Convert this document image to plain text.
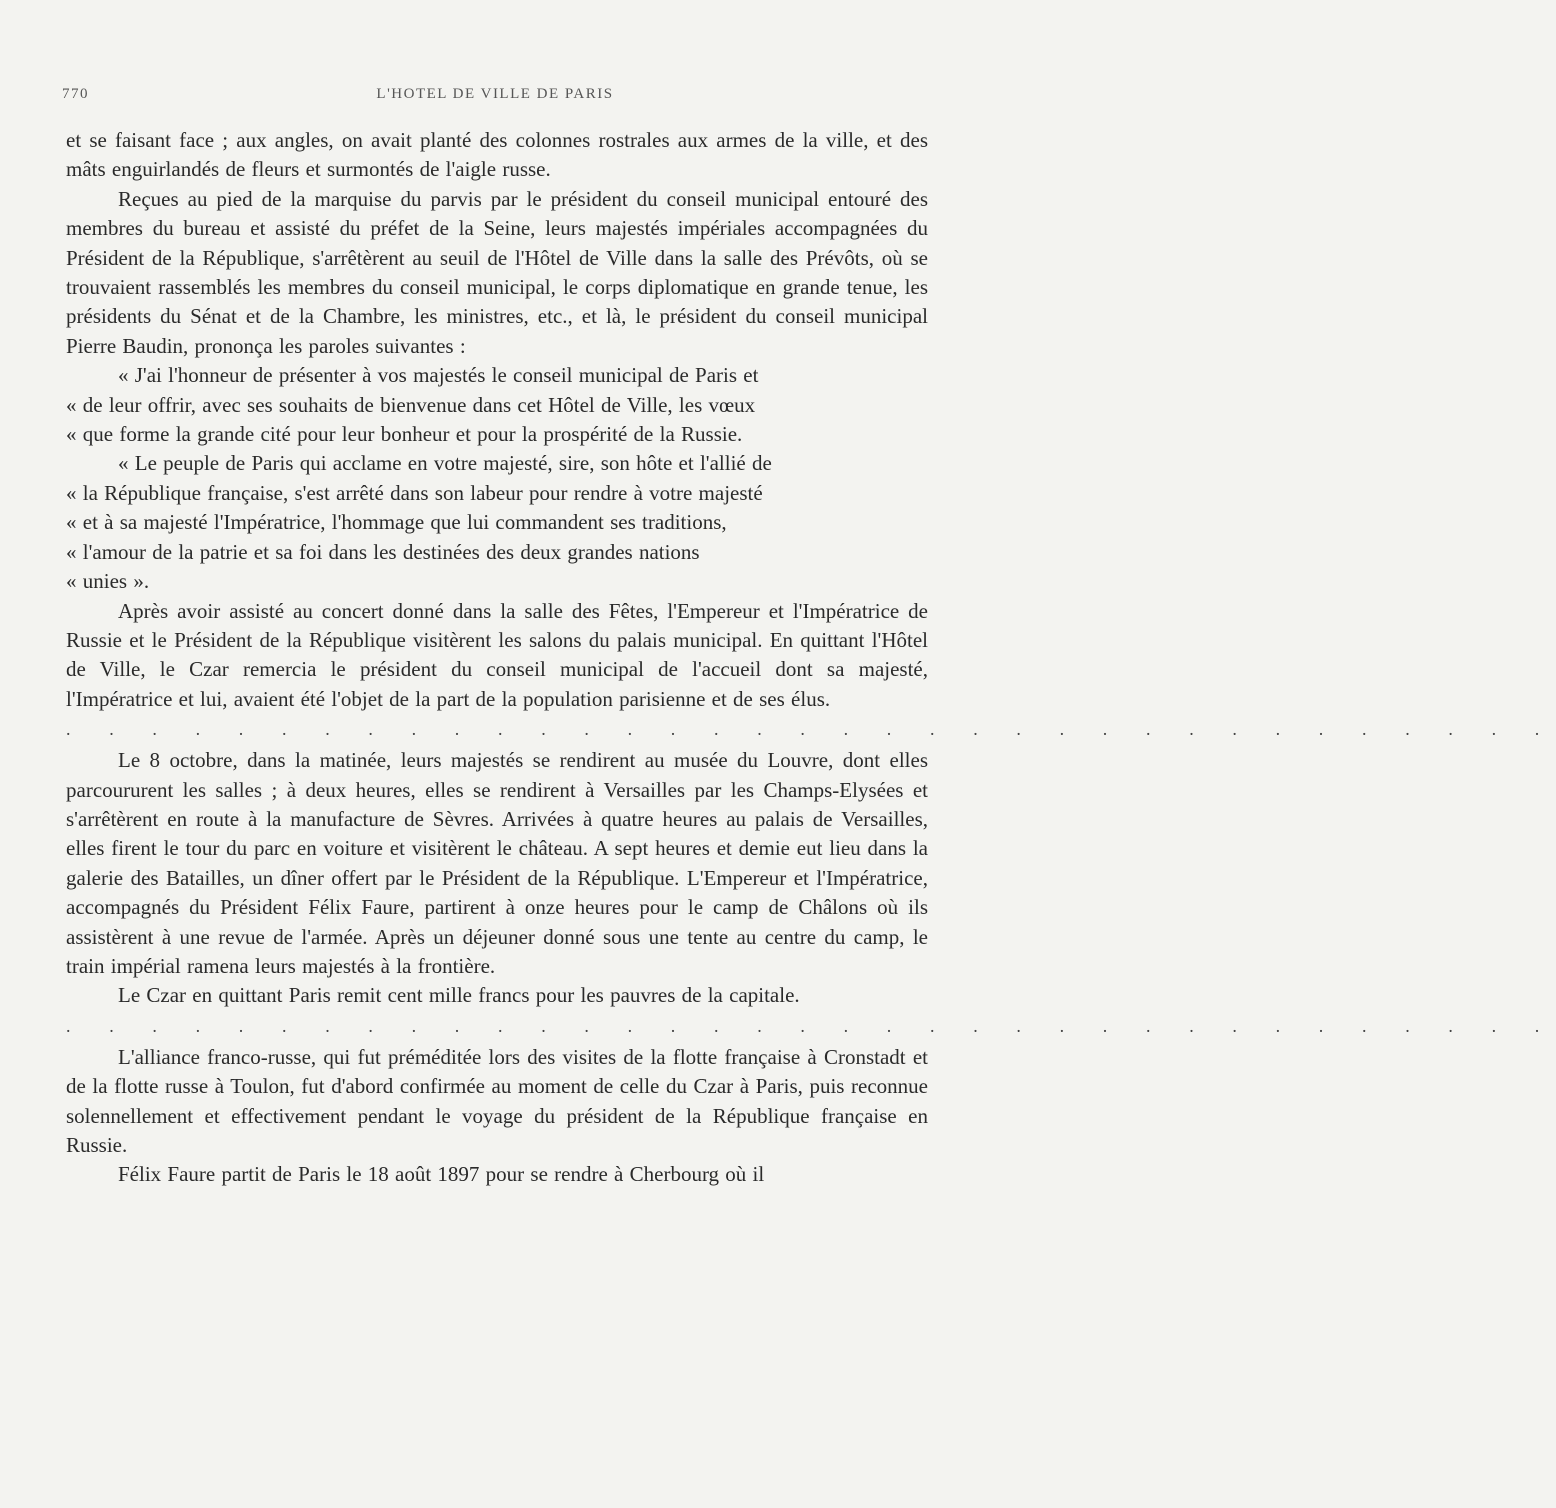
770	L'HOTEL DE VILLE DE PARIS

et se faisant face ; aux angles, on avait planté des colonnes rostrales aux armes de la ville, et des mâts enguirlandés de fleurs et surmontés de l'aigle russe.

Reçues au pied de la marquise du parvis par le président du conseil municipal entouré des membres du bureau et assisté du préfet de la Seine, leurs majestés impériales accompagnées du Président de la République, s'arrêtèrent au seuil de l'Hôtel de Ville dans la salle des Prévôts, où se trouvaient rassemblés les membres du conseil municipal, le corps diplomatique en grande tenue, les présidents du Sénat et de la Chambre, les ministres, etc., et là, le président du conseil municipal Pierre Baudin, prononça les paroles suivantes :

« J'ai l'honneur de présenter à vos majestés le conseil municipal de Paris et

« de leur offrir, avec ses souhaits de bienvenue dans cet Hôtel de Ville, les vœux

« que forme la grande cité pour leur bonheur et pour la prospérité de la Russie.

« Le peuple de Paris qui acclame en votre majesté, sire, son hôte et l'allié de

« la République française, s'est arrêté dans son labeur pour rendre à votre majesté

« et à sa majesté l'Impératrice, l'hommage que lui commandent ses traditions,

« l'amour de la patrie et sa foi dans les destinées des deux grandes nations

« unies ».

Après avoir assisté au concert donné dans la salle des Fêtes, l'Empereur et l'Impératrice de Russie et le Président de la République visitèrent les salons du palais municipal. En quittant l'Hôtel de Ville, le Czar remercia le président du conseil municipal de l'accueil dont sa majesté, l'Impératrice et lui, avaient été l'objet de la part de la population parisienne et de ses élus.

. . . . . . . . . . . . . . . . . . . . . . . . . . . . . . . . . . .

Le 8 octobre, dans la matinée, leurs majestés se rendirent au musée du Louvre, dont elles parcoururent les salles ; à deux heures, elles se rendirent à Versailles par les Champs-Elysées et s'arrêtèrent en route à la manufacture de Sèvres. Arrivées à quatre heures au palais de Versailles, elles firent le tour du parc en voiture et visitèrent le château. A sept heures et demie eut lieu dans la galerie des Batailles, un dîner offert par le Président de la République. L'Empereur et l'Impératrice, accompagnés du Président Félix Faure, partirent à onze heures pour le camp de Châlons où ils assistèrent à une revue de l'armée. Après un déjeuner donné sous une tente au centre du camp, le train impérial ramena leurs majestés à la frontière.

Le Czar en quittant Paris remit cent mille francs pour les pauvres de la capitale.

. . . . . . . . . . . . . . . . . . . . . . . . . . . . . . . . . . .

L'alliance franco-russe, qui fut préméditée lors des visites de la flotte française à Cronstadt et de la flotte russe à Toulon, fut d'abord confirmée au moment de celle du Czar à Paris, puis reconnue solennellement et effectivement pendant le voyage du président de la République française en Russie.

Félix Faure partit de Paris le 18 août 1897 pour se rendre à Cherbourg où il
